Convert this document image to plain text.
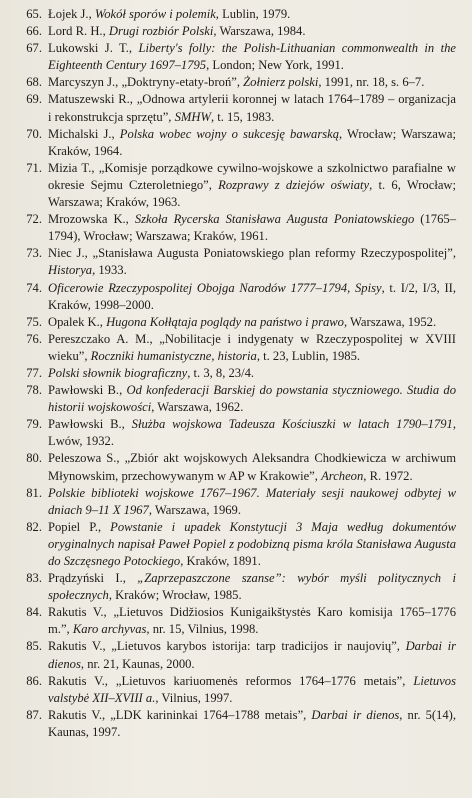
65. Łojek J., Wokół sporów i polemik, Lublin, 1979.
66. Lord R. H., Drugi rozbiór Polski, Warszawa, 1984.
67. Lukowski J. T., Liberty's folly: the Polish-Lithuanian commonwealth in the Eighteenth Century 1697–1795, London; New York, 1991.
68. Marcyszyn J., „Doktryny-etaty-broń”, Żołnierz polski, 1991, nr. 18, s. 6–7.
69. Matuszewski R., „Odnowa artylerii koronnej w latach 1764–1789 – organizacja i rekonstrukcja sprzętu”, SMHW, t. 15, 1983.
70. Michalski J., Polska wobec wojny o sukcesję bawarską, Wrocław; Warszawa; Kraków, 1964.
71. Mizia T., „Komisje porządkowe cywilno-wojskowe a szkolnictwo parafialne w okresie Sejmu Czteroletniego”, Rozprawy z dziejów oświaty, t. 6, Wrocław; Warszawa; Kraków, 1963.
72. Mrozowska K., Szkoła Rycerska Stanisława Augusta Poniatowskiego (1765–1794), Wrocław; Warszawa; Kraków, 1961.
73. Niec J., „Stanisława Augusta Poniatowskiego plan reformy Rzeczypospolitej”, Historya, 1933.
74. Oficerowie Rzeczypospolitej Obojga Narodów 1777–1794, Spisy, t. I/2, I/3, II, Kraków, 1998–2000.
75. Opalek K., Hugona Kołłątaja poglądy na państwo i prawo, Warszawa, 1952.
76. Pereszczako A. M., „Nobilitacje i indygenaty w Rzeczypospolitej w XVIII wieku”, Roczniki humanistyczne, historia, t. 23, Lublin, 1985.
77. Polski słownik biograficzny, t. 3, 8, 23/4.
78. Pawłowski B., Od konfederacji Barskiej do powstania styczniowego. Studia do historii wojskowości, Warszawa, 1962.
79. Pawłowski B., Służba wojskowa Tadeusza Kościuszki w latach 1790–1791, Lwów, 1932.
80. Peleszowa S., „Zbiór akt wojskowych Aleksandra Chodkiewicza w archiwum Młynowskim, przechowywanym w AP w Krakowie”, Archeon, R. 1972.
81. Polskie biblioteki wojskowe 1767–1967. Materiały sesji naukowej odbytej w dniach 9–11 X 1967, Warszawa, 1969.
82. Popiel P., Powstanie i upadek Konstytucji 3 Maja według dokumentów oryginalnych napisał Paweł Popiel z podobizną pisma króla Stanisława Augusta do Szczęsnego Potockiego, Kraków, 1891.
83. Prądzyński I., „Zaprzepaszczone szanse”: wybór myśli politycznych i społecznych, Kraków; Wrocław, 1985.
84. Rakutis V., „Lietuvos Didžiosios Kunigaikštystės Karo komisija 1765–1776 m.”, Karo archyvas, nr. 15, Vilnius, 1998.
85. Rakutis V., „Lietuvos karybos istorija: tarp tradicijos ir naujovių”, Darbai ir dienos, nr. 21, Kaunas, 2000.
86. Rakutis V., „Lietuvos kariuomenės reformos 1764–1776 metais”, Lietuvos valstybė XII–XVIII a., Vilnius, 1997.
87. Rakutis V., „LDK karininkai 1764–1788 metais”, Darbai ir dienos, nr. 5(14), Kaunas, 1997.
